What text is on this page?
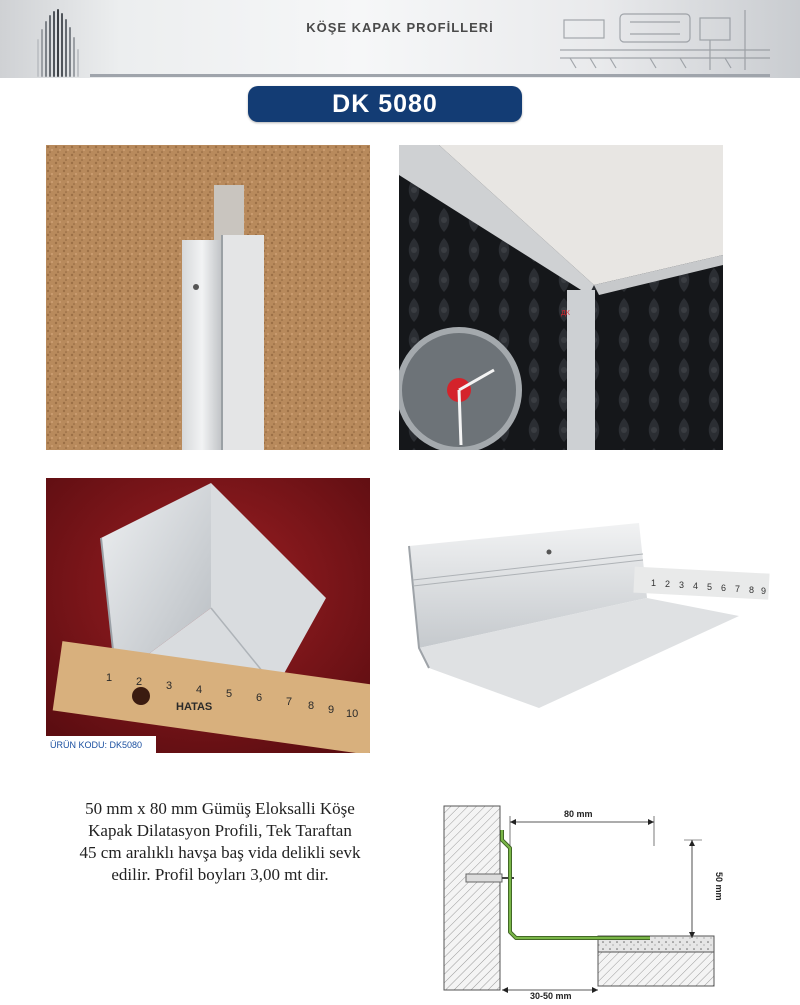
KÖŞE KAPAK PROFİLLERİ
DK 5080
ДК
HATAS
1 2 3 4 5 6 7 8 9 10
ÜRÜN KODU: DK5080
1 2 3 4 5 6 7 8 9

50 mm x 80 mm Gümüş Eloksalli Köşe

Kapak Dilatasyon Profili, Tek Taraftan

45 cm aralıklı havşa baş vida delikli sevk

edilir. Profil boyları 3,00 mt dir.

80 mm
50 mm
30-50 mm
